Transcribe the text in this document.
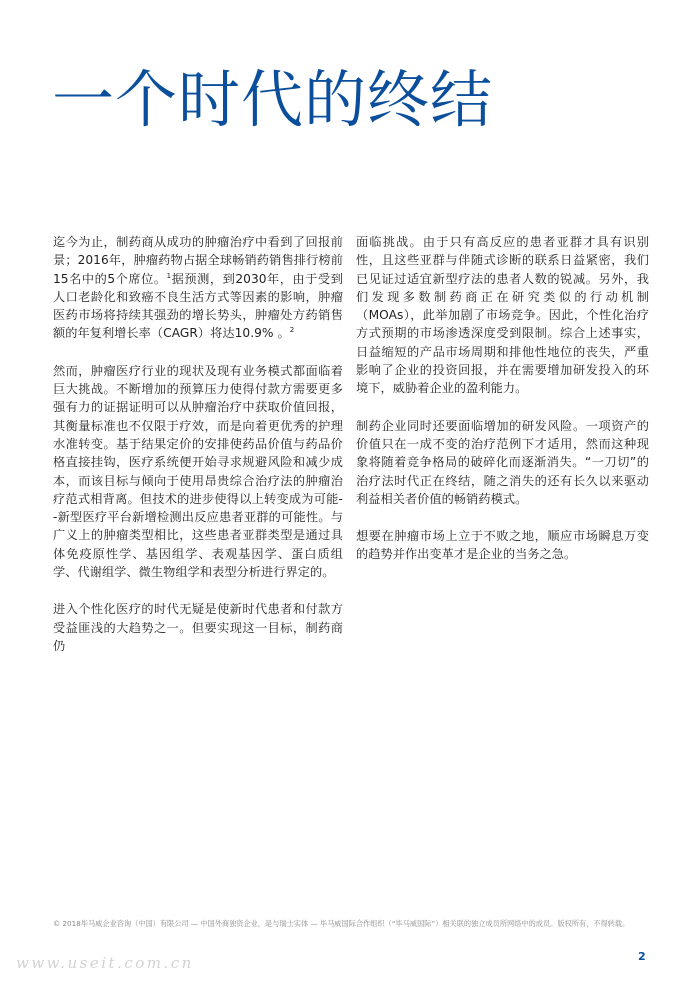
一个时代的终结

迄今为止，制药商从成功的肿瘤治疗中看到了回报前景；2016年，肿瘤药物占据全球畅销药销售排行榜前15名中的5个席位。$^1$据预测，到2030年，由于受到人口老龄化和致癌不良生活方式等因素的影响，肿瘤医药市场将持续其强劲的增长势头，肿瘤处方药销售额的年复利增长率（CAGR）将达10.9% 。$^2$

然而，肿瘤医疗行业的现状及现有业务模式都面临着巨大挑战。不断增加的预算压力使得付款方需要更多强有力的证据证明可以从肿瘤治疗中获取价值回报，其衡量标准也不仅限于疗效，而是向着更优秀的护理水准转变。基于结果定价的安排使药品价值与药品价格直接挂钩，医疗系统便开始寻求规避风险和减少成本，而该目标与倾向于使用昂贵综合治疗法的肿瘤治疗范式相背离。但技术的进步使得以上转变成为可能--新型医疗平台新增检测出反应患者亚群的可能性。与广义上的肿瘤类型相比，这些患者亚群类型是通过具体免疫原性学、基因组学、表观基因学、蛋白质组学、代谢组学、微生物组学和表型分析进行界定的。

进入个性化医疗的时代无疑是使新时代患者和付款方受益匪浅的大趋势之一。但要实现这一目标，制药商仍

面临挑战。由于只有高反应的患者亚群才具有识别性，且这些亚群与伴随式诊断的联系日益紧密，我们已见证过适宜新型疗法的患者人数的锐减。另外，我们发现多数制药商正在研究类似的行动机制（MOAs），此举加剧了市场竞争。因此，个性化治疗方式预期的市场渗透深度受到限制。综合上述事实，日益缩短的产品市场周期和排他性地位的丧失，严重影响了企业的投资回报，并在需要增加研发投入的环境下，威胁着企业的盈利能力。

制药企业同时还要面临增加的研发风险。一项资产的价值只在一成不变的治疗范例下才适用，然而这种现象将随着竞争格局的破碎化而逐渐消失。“一刀切”的治疗法时代正在终结，随之消失的还有长久以来驱动利益相关者价值的畅销药模式。

想要在肿瘤市场上立于不败之地，顺应市场瞬息万变的趋势并作出变革才是企业的当务之急。

© 2018毕马威企业咨询（中国）有限公司 — 中国外商独资企业，是与瑞士实体 — 毕马威国际合作组织（“毕马威国际”）相关联的独立成员所网络中的成员。版权所有，不得转载。
www.useit.com.cn	2
